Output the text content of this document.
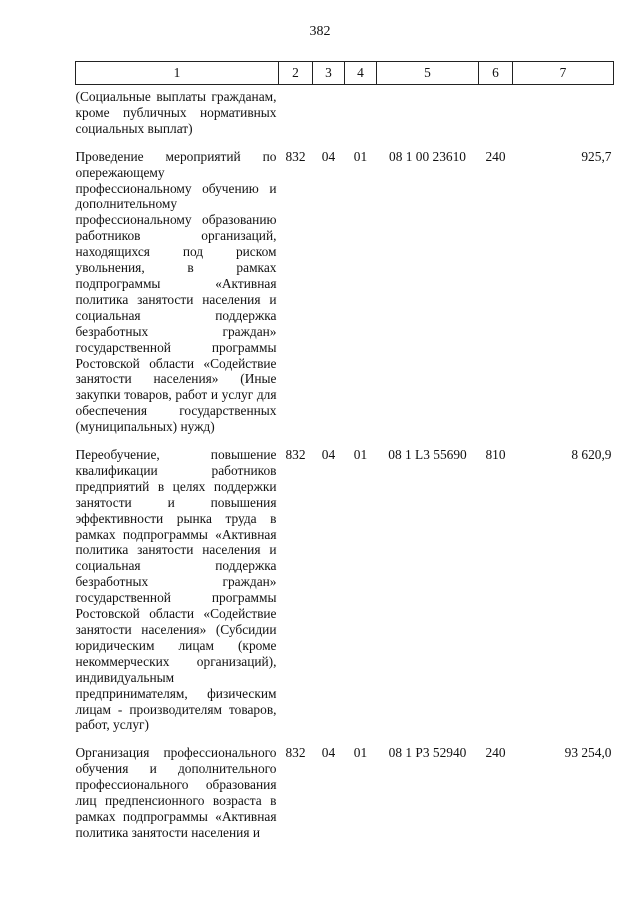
382
1	2	3	4	5	6	7
(Социальные выплаты гражданам, кроме публичных нормативных социальных выплат)						
Проведение мероприятий по опережающему профессиональному обучению и дополнительному профессиональному образованию работников организаций, находящихся под риском увольнения, в рамках подпрограммы «Активная политика занятости населения и социальная поддержка безработных граждан» государственной программы Ростовской области «Содействие занятости населения» (Иные закупки товаров, работ и услуг для обеспечения государственных (муниципальных) нужд)	832	04	01	08 1 00 23610	240	925,7
Переобучение, повышение квалификации работников предприятий в целях поддержки занятости и повышения эффективности рынка труда в рамках подпрограммы «Активная политика занятости населения и социальная поддержка безработных граждан» государственной программы Ростовской области «Содействие занятости населения» (Субсидии юридическим лицам (кроме некоммерческих организаций), индивидуальным предпринимателям, физическим лицам - производителям товаров, работ, услуг)	832	04	01	08 1 L3 55690	810	8 620,9
Организация профессионального обучения и дополнительного профессионального образования лиц предпенсионного возраста в рамках подпрограммы «Активная политика занятости населения и	832	04	01	08 1 P3 52940	240	93 254,0
